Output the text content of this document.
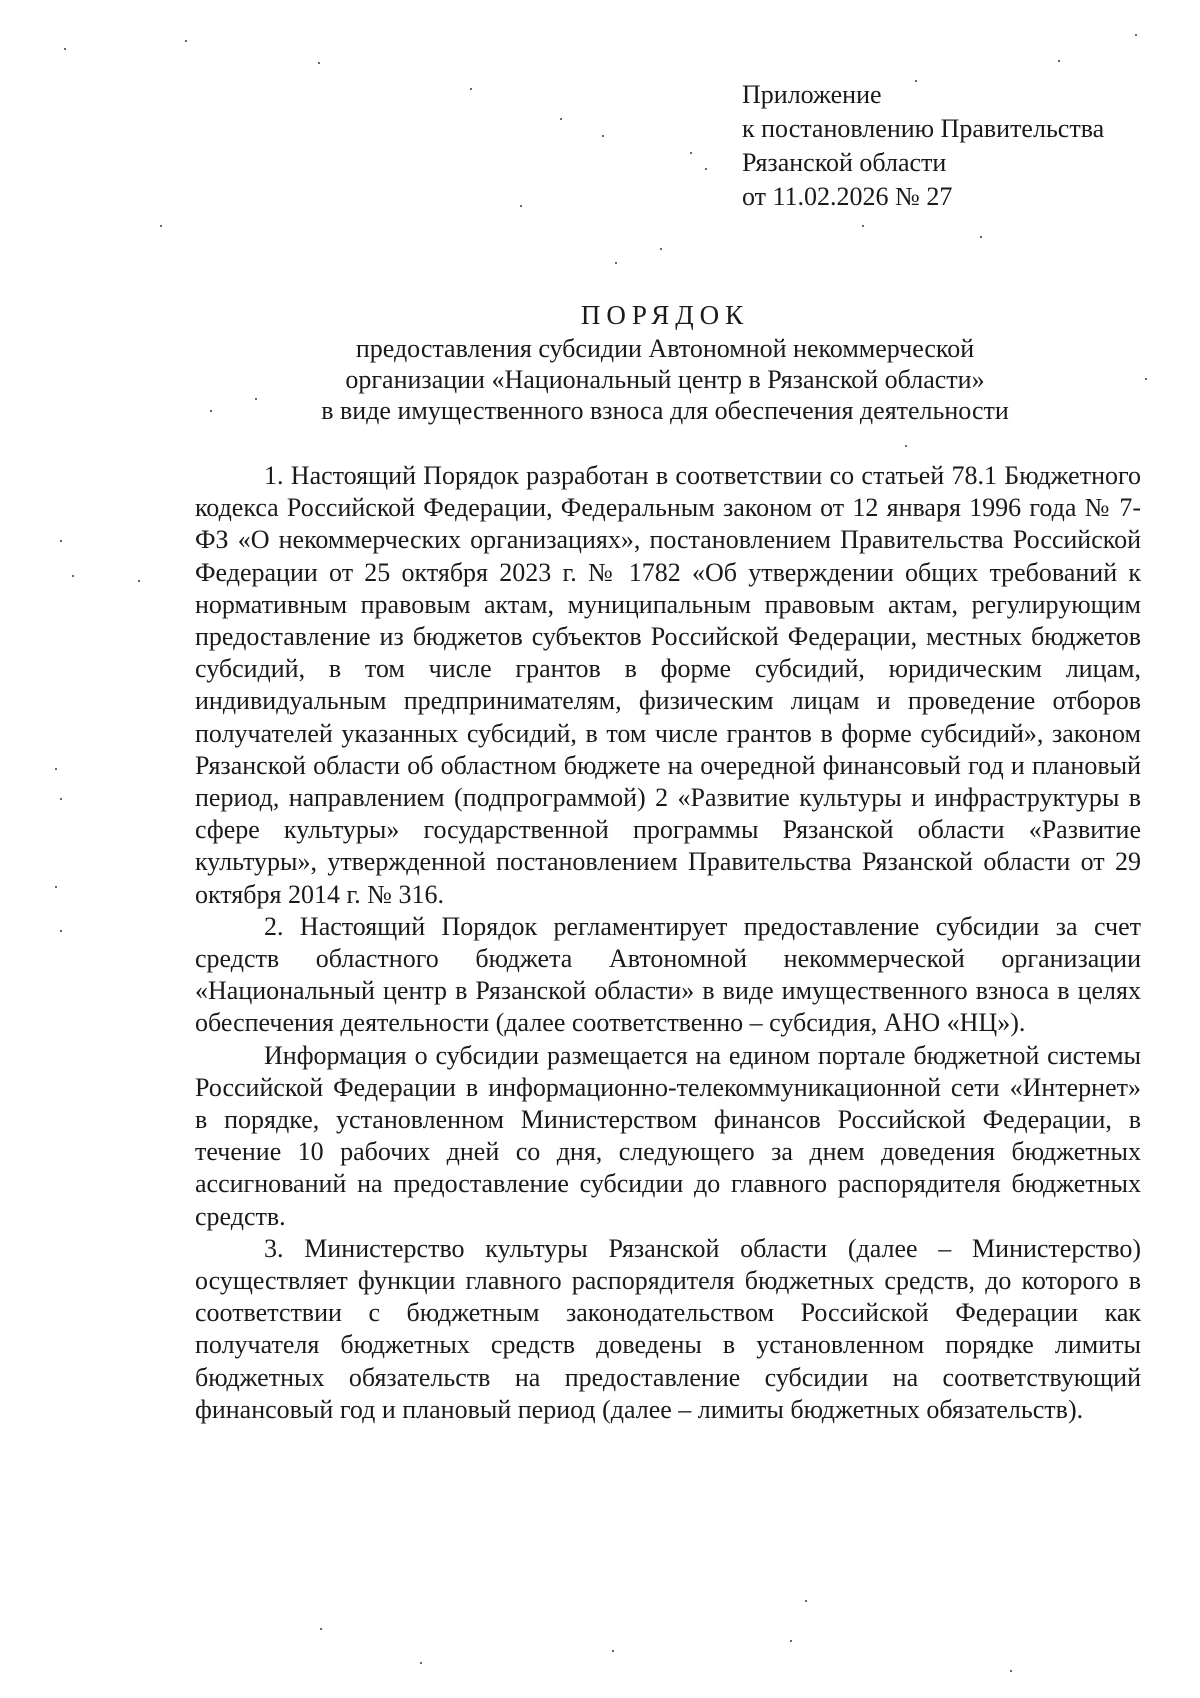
Приложение
к постановлению Правительства
Рязанской области
от 11.02.2026 № 27
ПОРЯДОК
предоставления субсидии Автономной некоммерческой
организации «Национальный центр в Рязанской области»
в виде имущественного взноса для обеспечения деятельности

1. Настоящий Порядок разработан в соответствии со статьей 78.1 Бюджетного кодекса Российской Федерации, Федеральным законом от 12 января 1996 года № 7-ФЗ «О некоммерческих организациях», постановлением Правительства Российской Федерации от 25 октября 2023 г. № 1782 «Об утверждении общих требований к нормативным правовым актам, муниципальным правовым актам, регулирующим предоставление из бюджетов субъектов Российской Федерации, местных бюджетов субсидий, в том числе грантов в форме субсидий, юридическим лицам, индивидуальным предпринимателям, физическим лицам и проведение отборов получателей указанных субсидий, в том числе грантов в форме субсидий», законом Рязанской области об областном бюджете на очередной финансовый год и плановый период, направлением (подпрограммой) 2 «Развитие культуры и инфраструктуры в сфере культуры» государственной программы Рязанской области «Развитие культуры», утвержденной постановлением Правительства Рязанской области от 29 октября 2014 г. № 316.

2. Настоящий Порядок регламентирует предоставление субсидии за счет средств областного бюджета Автономной некоммерческой организации «Национальный центр в Рязанской области» в виде имущественного взноса в целях обеспечения деятельности (далее соответственно – субсидия, АНО «НЦ»).

Информация о субсидии размещается на едином портале бюджетной системы Российской Федерации в информационно-телекоммуникационной сети «Интернет» в порядке, установленном Министерством финансов Российской Федерации, в течение 10 рабочих дней со дня, следующего за днем доведения бюджетных ассигнований на предоставление субсидии до главного распорядителя бюджетных средств.

3. Министерство культуры Рязанской области (далее – Министерство) осуществляет функции главного распорядителя бюджетных средств, до которого в соответствии с бюджетным законодательством Российской Федерации как получателя бюджетных средств доведены в установленном порядке лимиты бюджетных обязательств на предоставление субсидии на соответствующий финансовый год и плановый период (далее – лимиты бюджетных обязательств).
